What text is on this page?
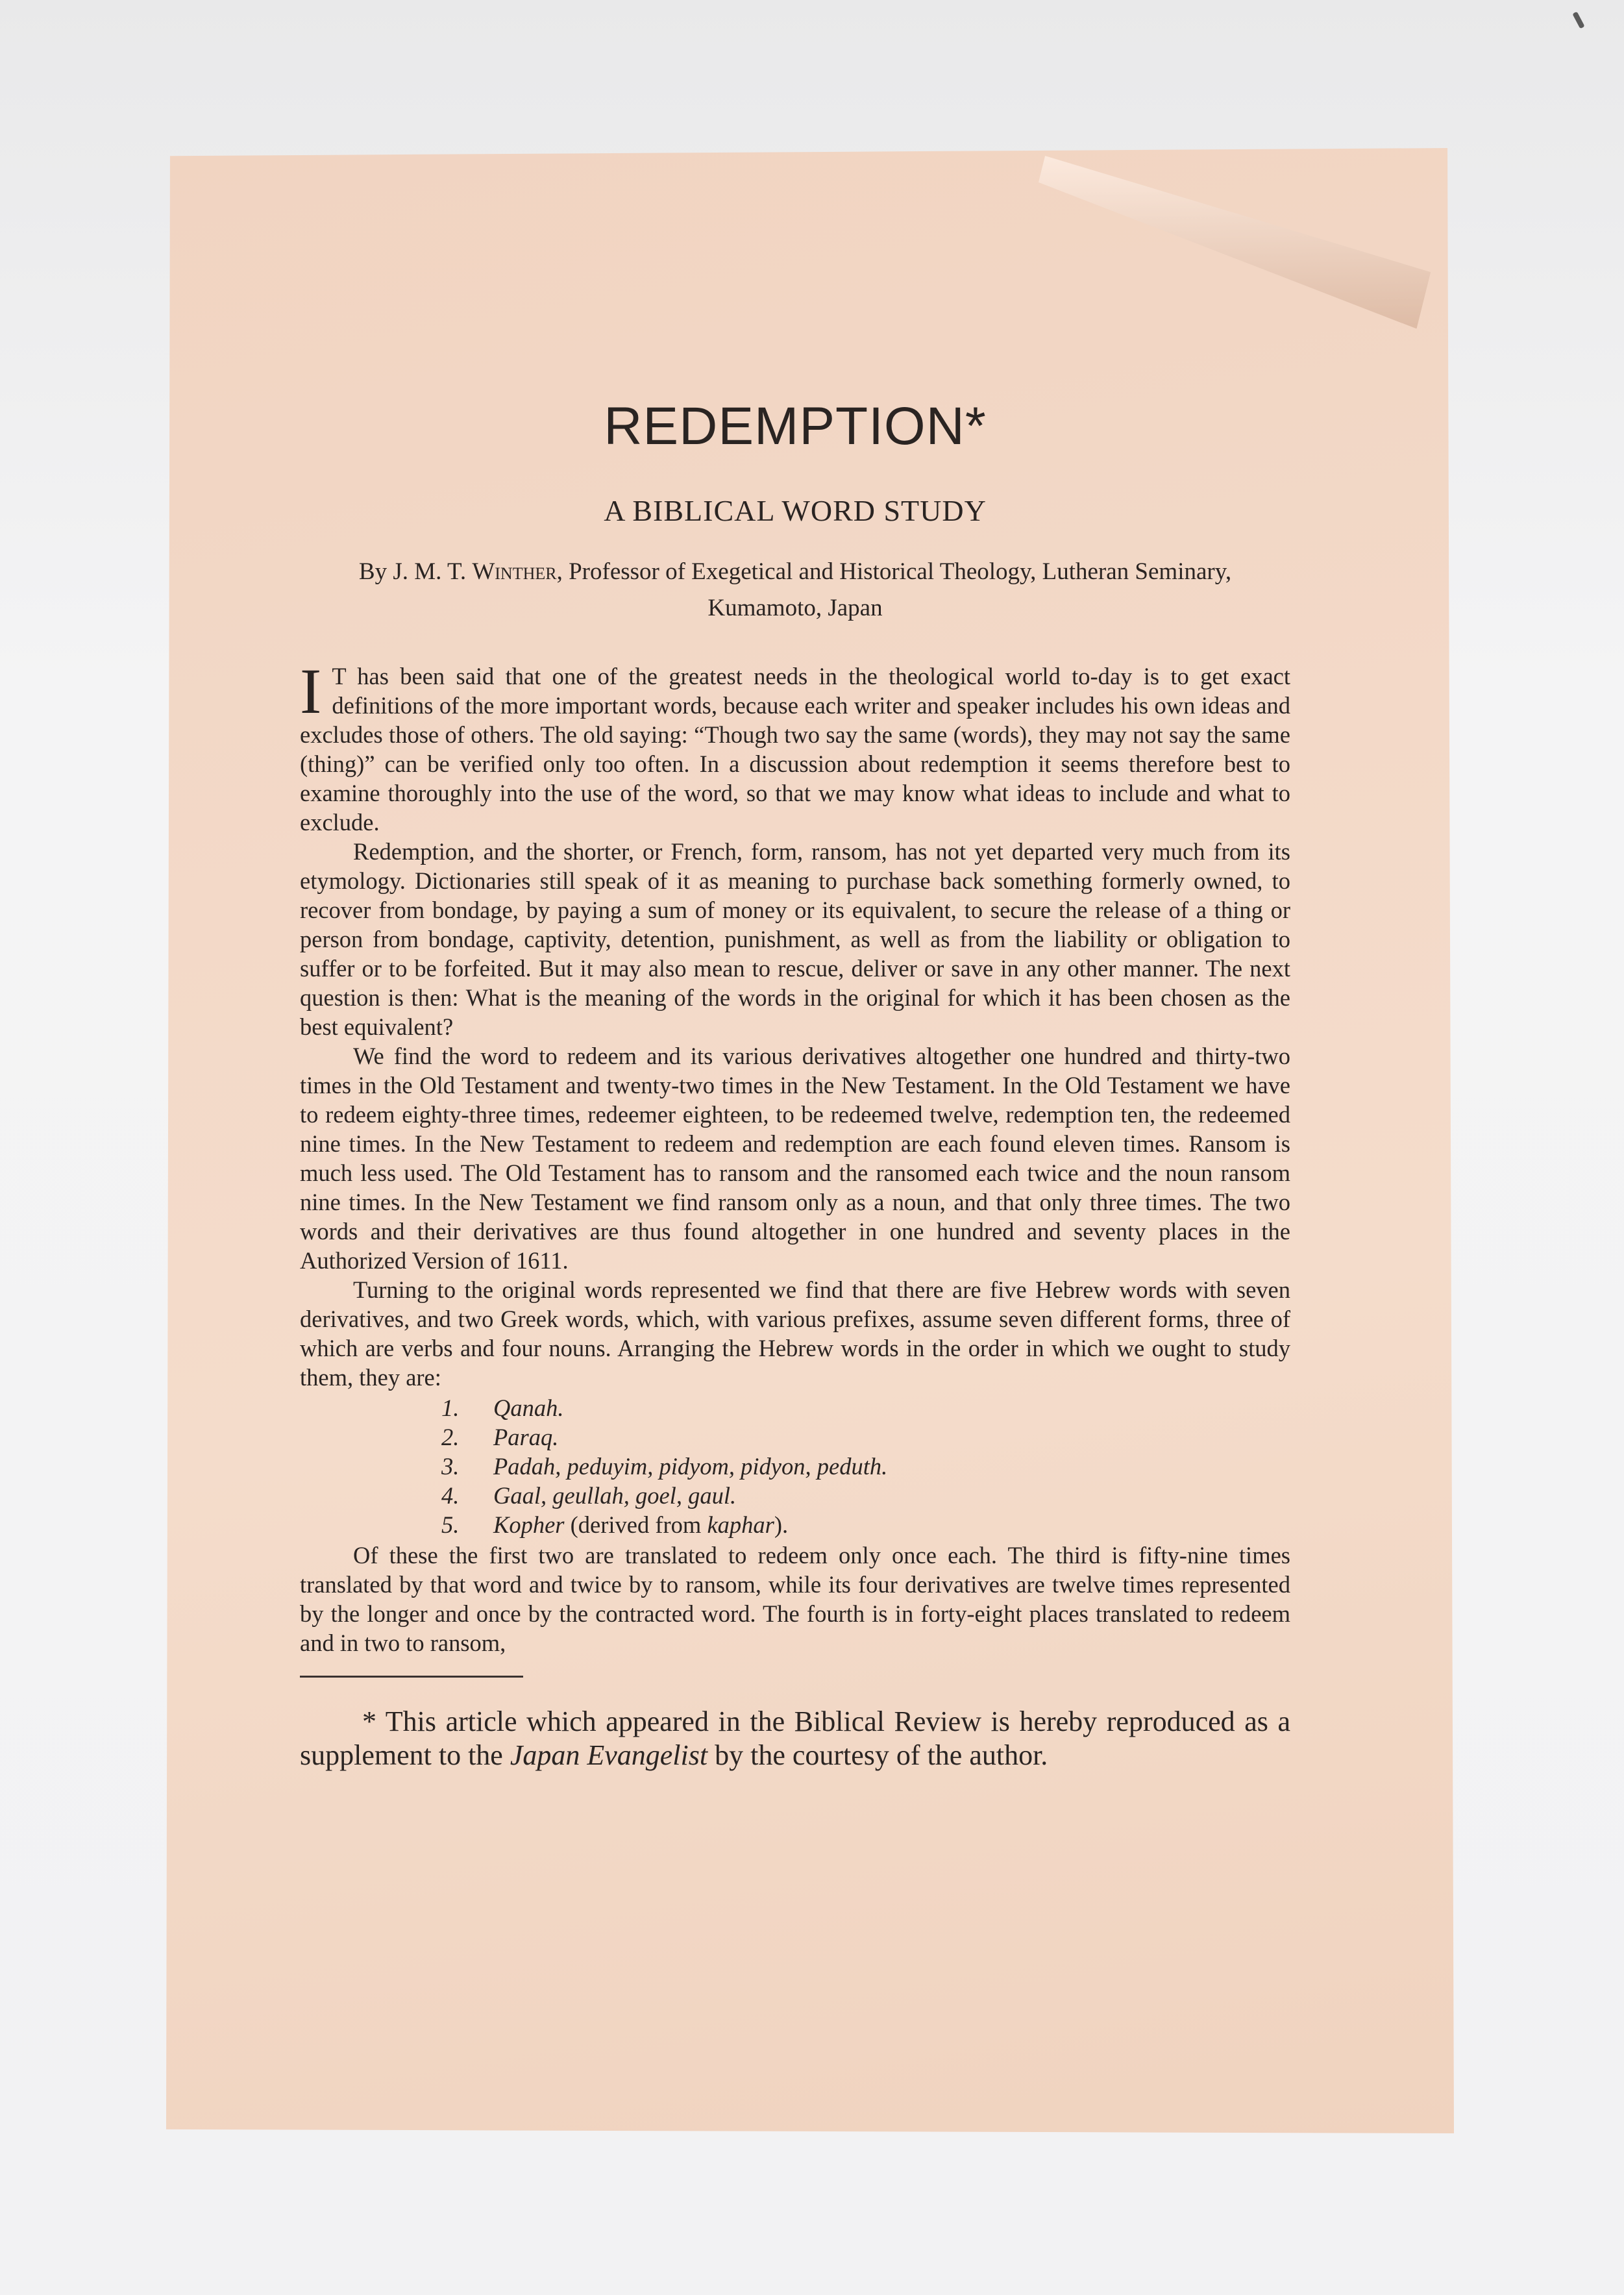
REDEMPTION*
A BIBLICAL WORD STUDY
By J. M. T. Winther, Professor of Exegetical and Historical Theology, Lutheran Seminary, Kumamoto, Japan

I T has been said that one of the greatest needs in the theological world to-day is to get exact definitions of the more important words, because each writer and speaker includes his own ideas and excludes those of others. The old saying: “Though two say the same (words), they may not say the same (thing)” can be verified only too often. In a discussion about redemption it seems therefore best to examine thoroughly into the use of the word, so that we may know what ideas to include and what to exclude.

Redemption, and the shorter, or French, form, ransom, has not yet departed very much from its etymology. Dictionaries still speak of it as meaning to purchase back something formerly owned, to recover from bondage, by paying a sum of money or its equivalent, to secure the release of a thing or person from bondage, captivity, detention, punishment, as well as from the liability or obligation to suffer or to be forfeited. But it may also mean to rescue, deliver or save in any other manner. The next question is then: What is the meaning of the words in the original for which it has been chosen as the best equivalent?

We find the word to redeem and its various derivatives altogether one hundred and thirty-two times in the Old Testament and twenty-two times in the New Testament. In the Old Testament we have to redeem eighty-three times, redeemer eighteen, to be redeemed twelve, redemption ten, the redeemed nine times. In the New Testament to redeem and redemption are each found eleven times. Ransom is much less used. The Old Testament has to ransom and the ransomed each twice and the noun ransom nine times. In the New Testament we find ransom only as a noun, and that only three times. The two words and their derivatives are thus found altogether in one hundred and seventy places in the Authorized Version of 1611.

Turning to the original words represented we find that there are five Hebrew words with seven derivatives, and two Greek words, which, with various prefixes, assume seven different forms, three of which are verbs and four nouns. Arranging the Hebrew words in the order in which we ought to study them, they are:

1.	Qanah.
2.	Paraq.
3.	Padah, peduyim, pidyom, pidyon, peduth.
4.	Gaal, geullah, goel, gaul.
5.	Kopher (derived from kaphar).

Of these the first two are translated to redeem only once each. The third is fifty-nine times translated by that word and twice by to ransom, while its four derivatives are twelve times represented by the longer and once by the contracted word. The fourth is in forty-eight places translated to redeem and in two to ransom,

* This article which appeared in the Biblical Review is hereby reproduced as a supplement to the Japan Evangelist by the courtesy of the author.
